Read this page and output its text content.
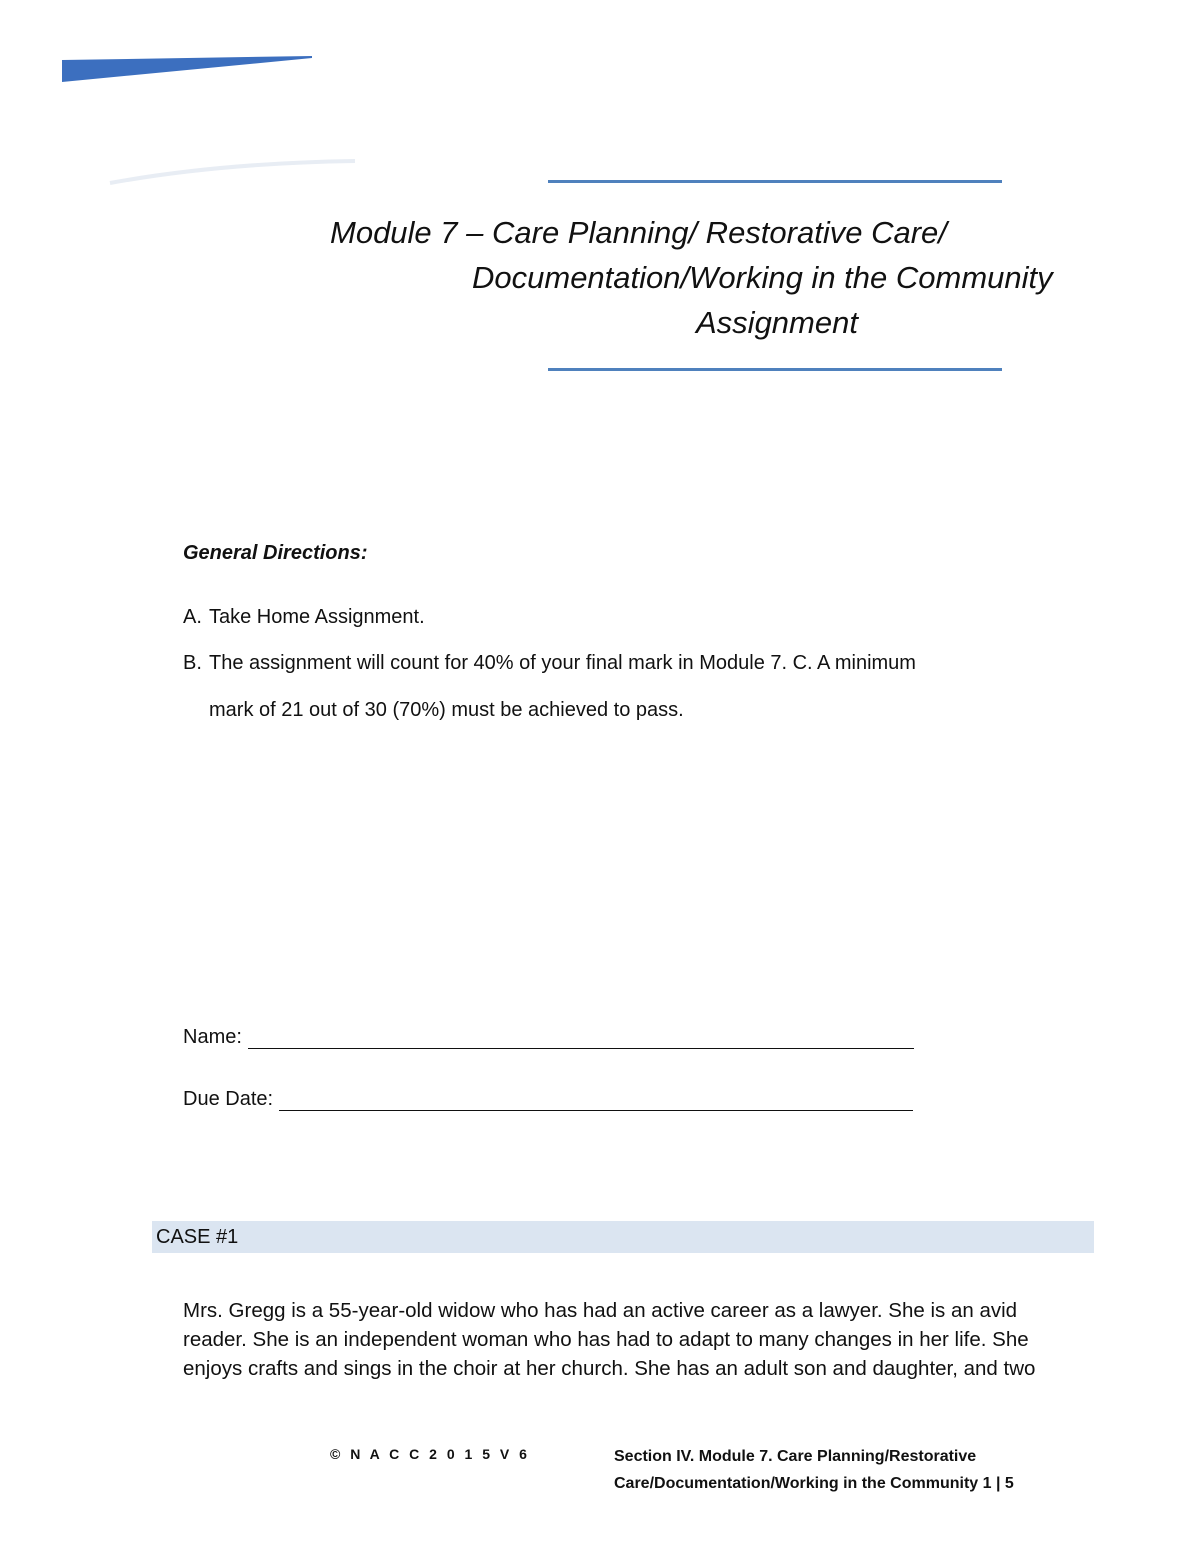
Module 7 – Care Planning/ Restorative Care/
Documentation/Working in the Community
Assignment
General Directions:
A. Take Home Assignment.
B. The assignment will count for 40% of your final mark in Module 7. C. A minimum
mark of 21 out of 30 (70%) must be achieved to pass.
Name:
Due Date:
CASE #1
Mrs. Gregg is a 55-year-old widow who has had an active career as a lawyer. She is an avid
reader. She is an independent woman who has had to adapt to many changes in her life. She
enjoys crafts and sings in the choir at her church. She has an adult son and daughter, and two
© N A C C 2 0 1 5 V 6	Section IV. Module 7. Care Planning/Restorative
Care/Documentation/Working in the Community 1 | 5
